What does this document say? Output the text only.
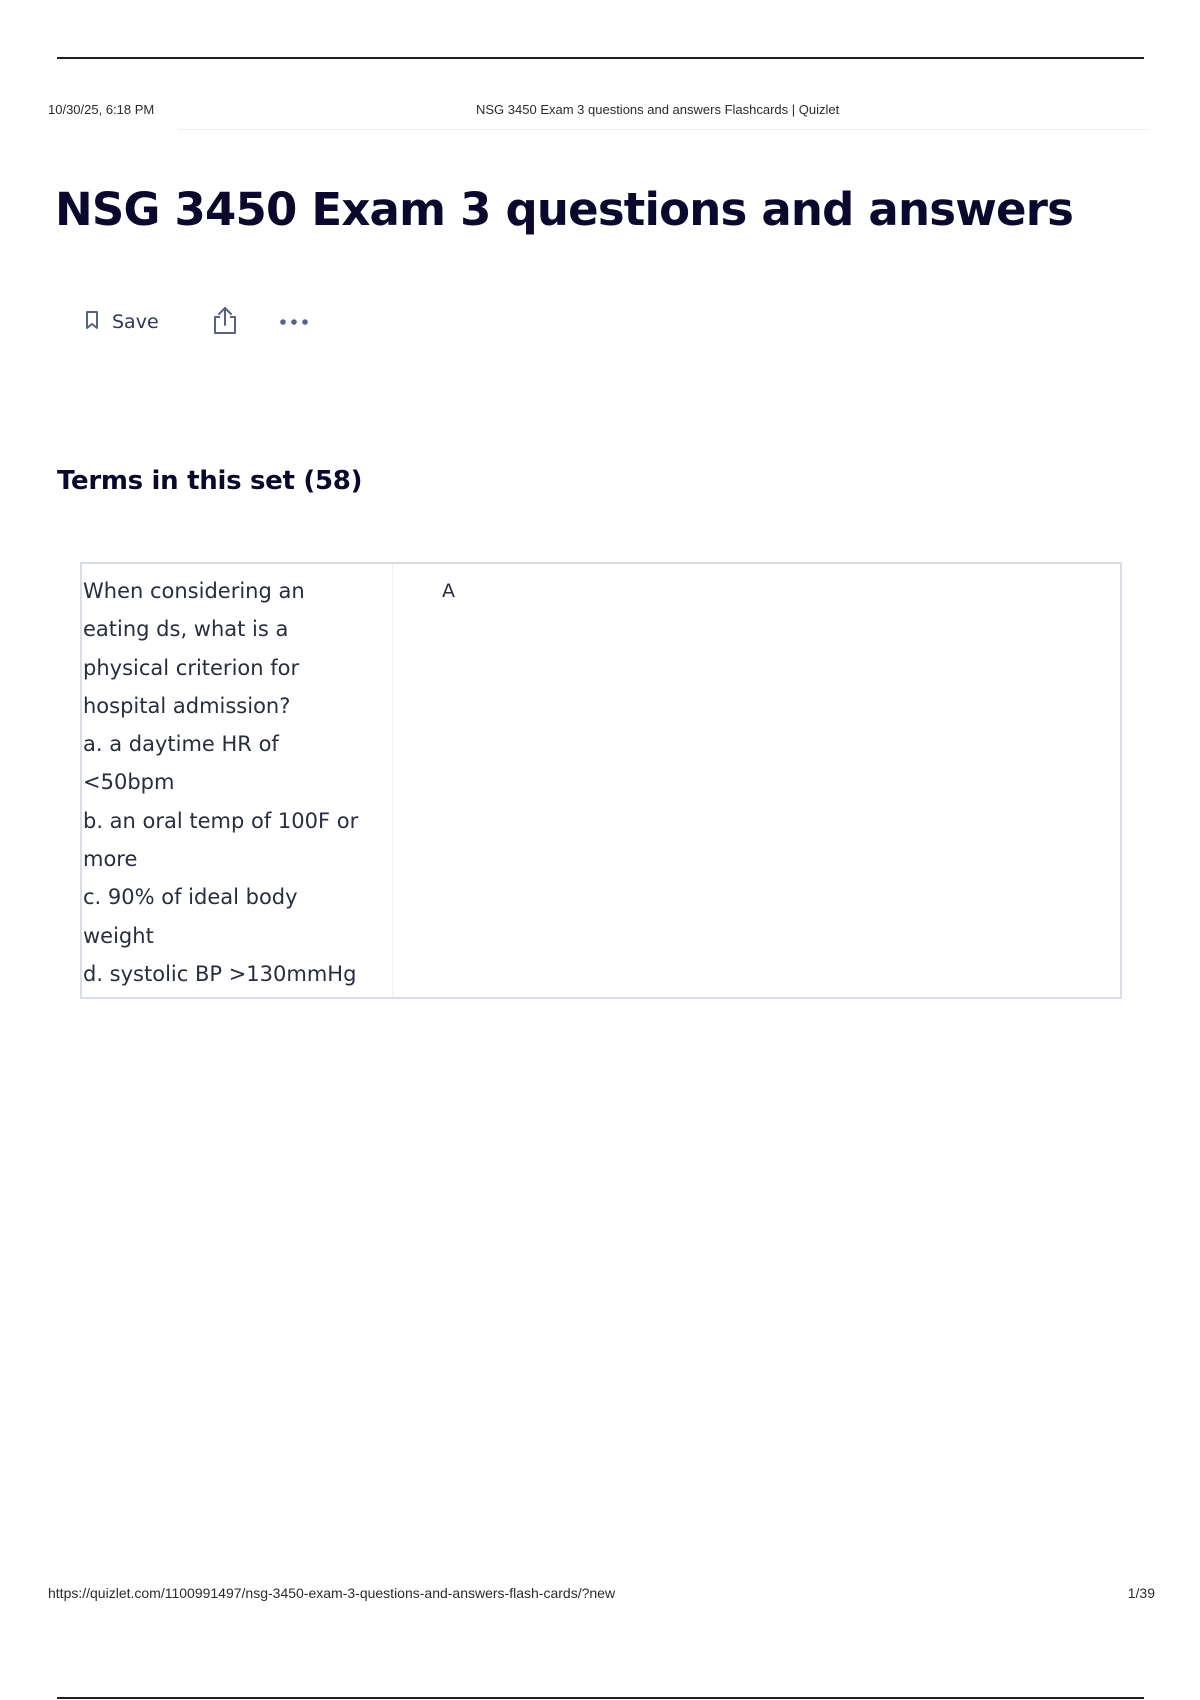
10/30/25, 6:18 PM	NSG 3450 Exam 3 questions and answers Flashcards | Quizlet
NSG 3450 Exam 3 questions and answers
Save
Terms in this set (58)

When considering an
eating ds, what is a
physical criterion for
hospital admission?
a. a daytime HR of
<50bpm
b. an oral temp of 100F or
more
c. 90% of ideal body
weight
d. systolic BP >130mmHg

A

https://quizlet.com/1100991497/nsg-3450-exam-3-questions-and-answers-flash-cards/?new	1/39
